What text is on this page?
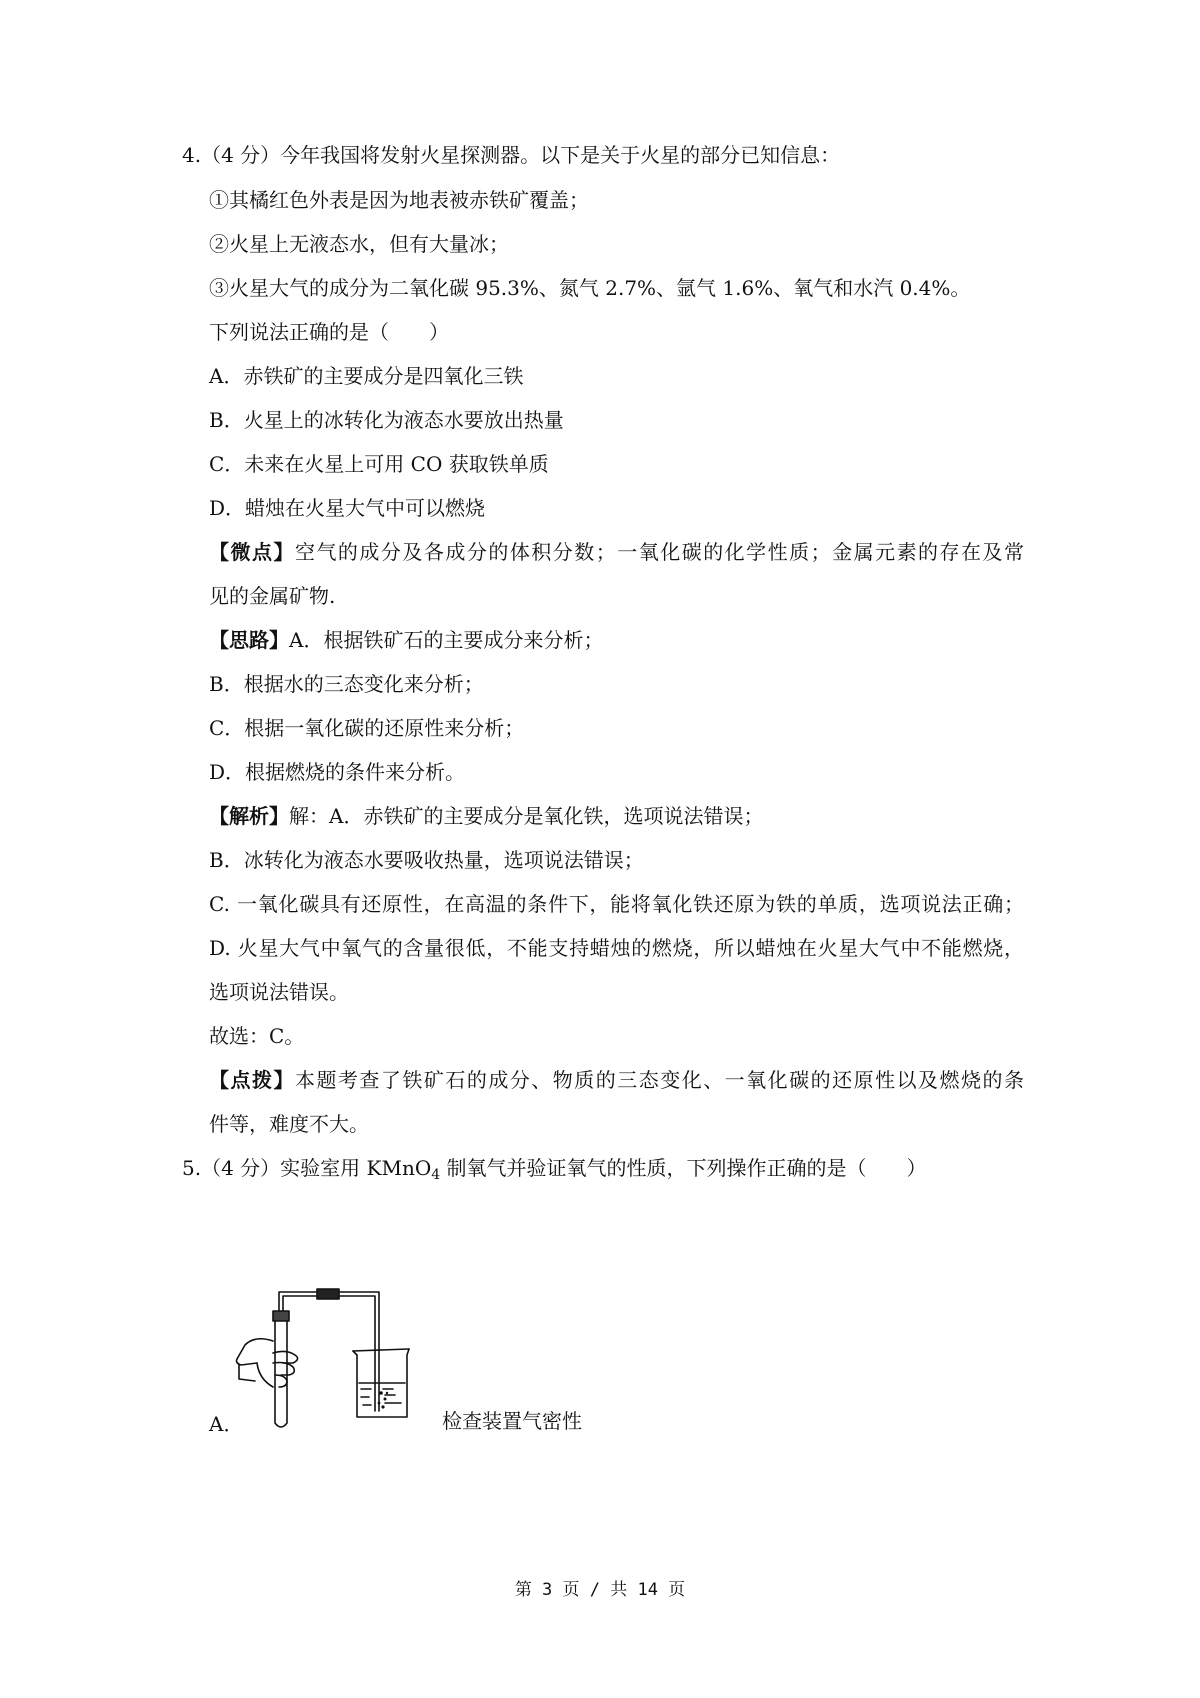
4.（4 分）今年我国将发射火星探测器。以下是关于火星的部分已知信息：
①其橘红色外表是因为地表被赤铁矿覆盖；
②火星上无液态水，但有大量冰；
③火星大气的成分为二氧化碳 95.3%、氮气 2.7%、氩气 1.6%、氧气和水汽 0.4%。
下列说法正确的是（　　）
A．赤铁矿的主要成分是四氧化三铁
B．火星上的冰转化为液态水要放出热量
C．未来在火星上可用 CO 获取铁单质
D．蜡烛在火星大气中可以燃烧
【微点】空气的成分及各成分的体积分数；一氧化碳的化学性质；金属元素的存在及常
见的金属矿物.
【思路】A．根据铁矿石的主要成分来分析；
B．根据水的三态变化来分析；
C．根据一氧化碳的还原性来分析；
D．根据燃烧的条件来分析。
【解析】解：A．赤铁矿的主要成分是氧化铁，选项说法错误；
B．冰转化为液态水要吸收热量，选项说法错误；
C. 一氧化碳具有还原性，在高温的条件下，能将氧化铁还原为铁的单质，选项说法正确；
D. 火星大气中氧气的含量很低，不能支持蜡烛的燃烧，所以蜡烛在火星大气中不能燃烧，
选项说法错误。
故选：C。
【点拨】本题考查了铁矿石的成分、物质的三态变化、一氧化碳的还原性以及燃烧的条
件等，难度不大。
5.（4 分）实验室用 KMnO$_4$ 制氧气并验证氧气的性质，下列操作正确的是（　　）
A．	检查装置气密性
第 3 页 / 共 14 页
